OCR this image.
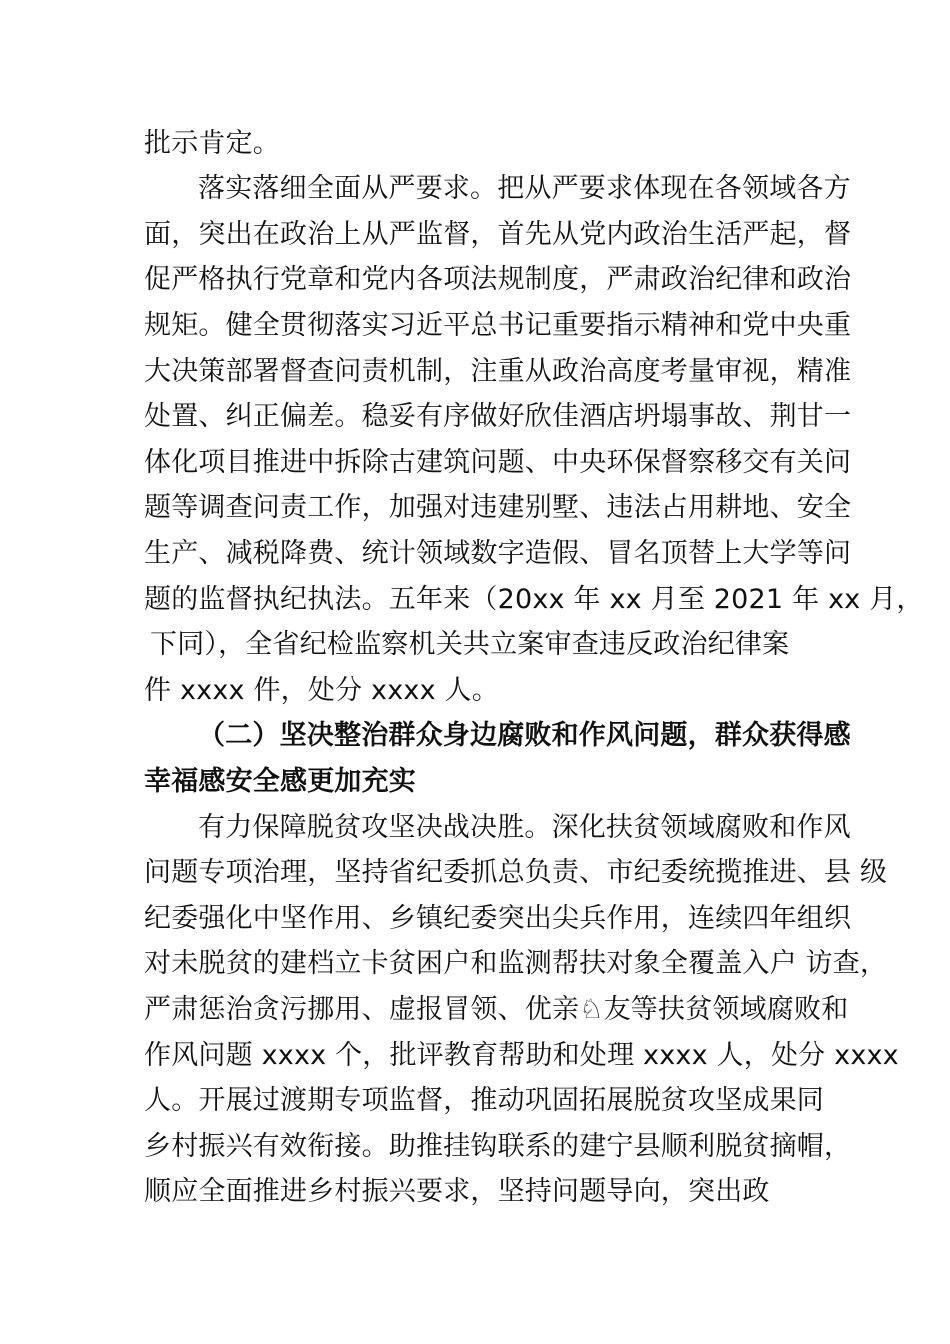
批示肯定。
落实落细全面从严要求。把从严要求体现在各领域各方
面，突出在政治上从严监督，首先从党内政治生活严起，督
促严格执行党章和党内各项法规制度，严肃政治纪律和政治
规矩。健全贯彻落实习近平总书记重要指示精神和党中央重
大决策部署督查问责机制，注重从政治高度考量审视，精准
处置、纠正偏差。稳妥有序做好欣佳酒店坍塌事故、荆甘一
体化项目推进中拆除古建筑问题、中央环保督察移交有关问
题等调查问责工作，加强对违建别墅、违法占用耕地、安全
生产、减税降费、统计领域数字造假、冒名顶替上大学等问
题的监督执纪执法。五年来（20xx 年 xx 月至 2021 年 xx 月，
下同），全省纪检监察机关共立案审查违反政治纪律案
件 xxxx 件，处分 xxxx 人。
（二）坚决整治群众身边腐败和作风问题，群众获得感
幸福感安全感更加充实
有力保障脱贫攻坚决战决胜。深化扶贫领域腐败和作风
问题专项治理，坚持省纪委抓总负责、市纪委统揽推进、县 级
纪委强化中坚作用、乡镇纪委突出尖兵作用，连续四年组织
对未脱贫的建档立卡贫困户和监测帮扶对象全覆盖入户 访查，
严肃惩治贪污挪用、虚报冒领、优亲♘友等扶贫领域腐败和
作风问题 xxxx 个，批评教育帮助和处理 xxxx 人，处分 xxxx
人。开展过渡期专项监督，推动巩固拓展脱贫攻坚成果同
乡村振兴有效衔接。助推挂钩联系的建宁县顺利脱贫摘帽，
顺应全面推进乡村振兴要求，坚持问题导向，突出政
